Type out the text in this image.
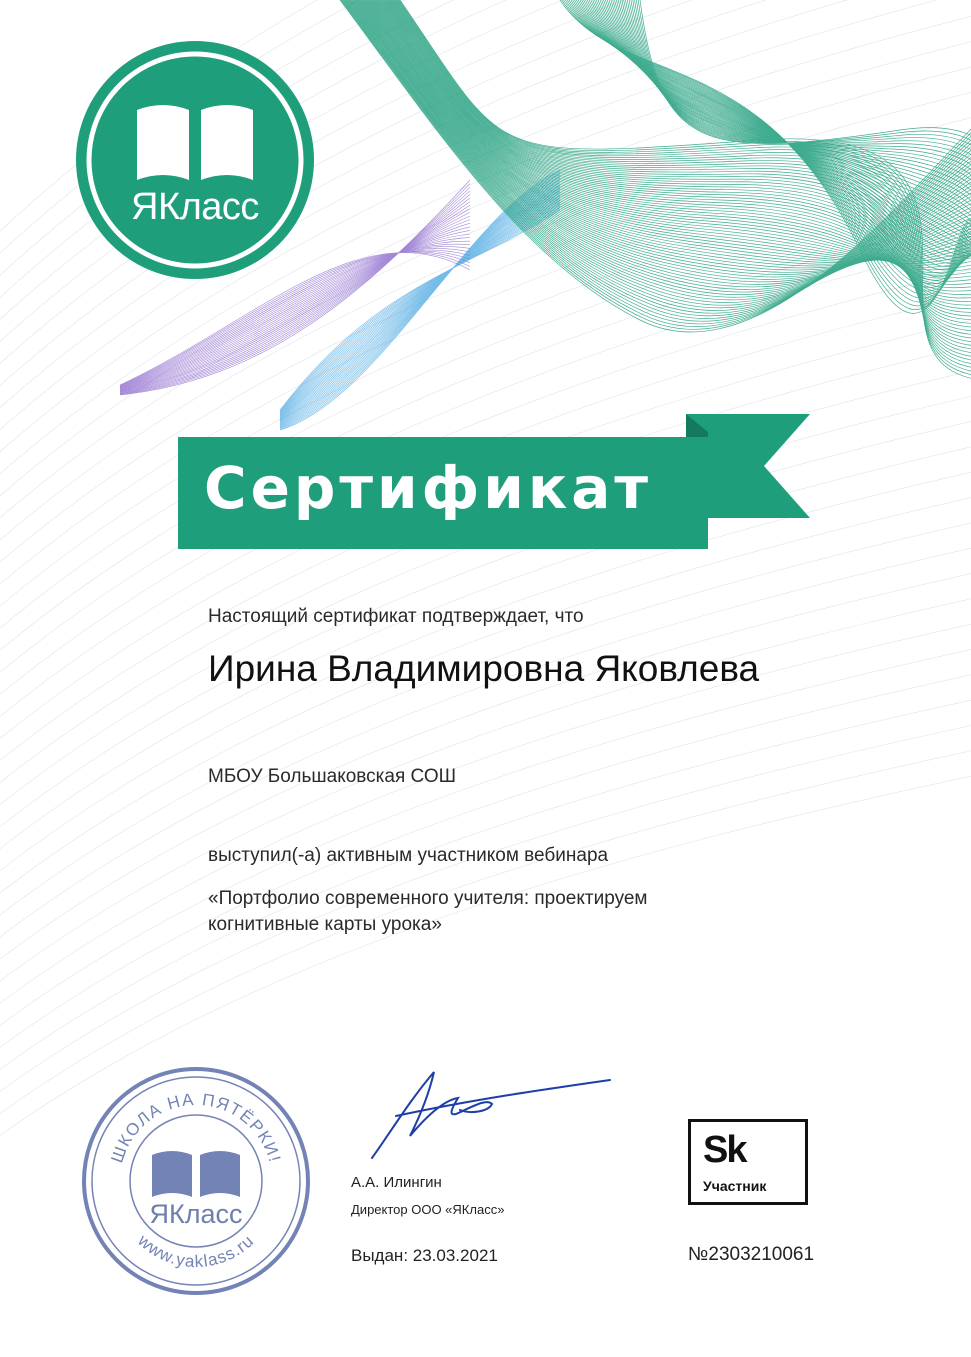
ЯКласс
Сертификат
Настоящий сертификат подтверждает, что
Ирина Владимировна Яковлева
МБОУ Большаковская СОШ
выступил(-а) активным участником вебинара
«Портфолио современного учителя: проектируем
когнитивные карты урока»
ШКОЛА НА ПЯТЁРКИ!
www.yaklass.ru
ЯКласс
А.А. Илингин
Директор ООО «ЯКласс»
Выдан: 23.03.2021
Sk
Участник
№2303210061
